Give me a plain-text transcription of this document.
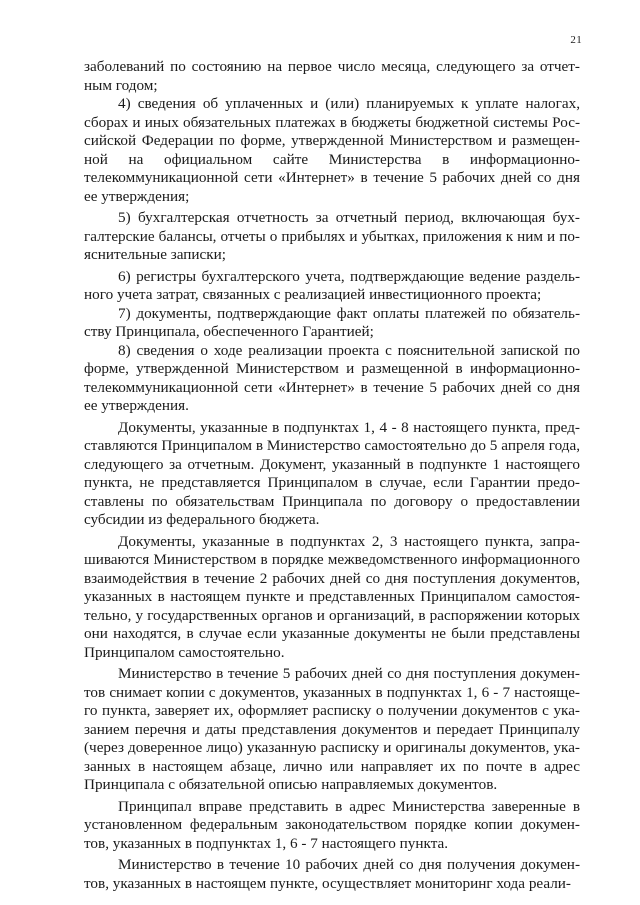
21

заболеваний по состоянию на первое число месяца, следующего за отчет-ным годом;

4) сведения об уплаченных и (или) планируемых к уплате налогах, сборах и иных обязательных платежах в бюджеты бюджетной системы Рос-сийской Федерации по форме, утвержденной Министерством и размещен-ной на официальном сайте Министерства в информационно-телекоммуникационной сети «Интернет» в течение 5 рабочих дней со дня ее утверждения;

5) бухгалтерская отчетность за отчетный период, включающая бух-галтерские балансы, отчеты о прибылях и убытках, приложения к ним и по-яснительные записки;

6) регистры бухгалтерского учета, подтверждающие ведение раздель-ного учета затрат, связанных с реализацией инвестиционного проекта;

7) документы, подтверждающие факт оплаты платежей по обязатель-ству Принципала, обеспеченного Гарантией;

8) сведения о ходе реализации проекта с пояснительной запиской по форме, утвержденной Министерством и размещенной в информационно-телекоммуникационной сети «Интернет» в течение 5 рабочих дней со дня ее утверждения.

Документы, указанные в подпунктах 1, 4 - 8 настоящего пункта, пред-ставляются Принципалом в Министерство самостоятельно до 5 апреля года, следующего за отчетным. Документ, указанный в подпункте 1 настоящего пункта, не представляется Принципалом в случае, если Гарантии предо-ставлены по обязательствам Принципала по договору о предоставлении субсидии из федерального бюджета.

Документы, указанные в подпунктах 2, 3 настоящего пункта, запра-шиваются Министерством в порядке межведомственного информационного взаимодействия в течение 2 рабочих дней со дня поступления документов, указанных в настоящем пункте и представленных Принципалом самостоя-тельно, у государственных органов и организаций, в распоряжении которых они находятся, в случае если указанные документы не были представлены Принципалом самостоятельно.

Министерство в течение 5 рабочих дней со дня поступления докумен-тов снимает копии с документов, указанных в подпунктах 1, 6 - 7 настояще-го пункта, заверяет их, оформляет расписку о получении документов с ука-занием перечня и даты представления документов и передает Принципалу (через доверенное лицо) указанную расписку и оригиналы документов, ука-занных в настоящем абзаце, лично или направляет их по почте в адрес Принципала с обязательной описью направляемых документов.

Принципал вправе представить в адрес Министерства заверенные в установленном федеральным законодательством порядке копии докумен-тов, указанных в подпунктах 1, 6 - 7 настоящего пункта.

Министерство в течение 10 рабочих дней со дня получения докумен-тов, указанных в настоящем пункте, осуществляет мониторинг хода реали-
